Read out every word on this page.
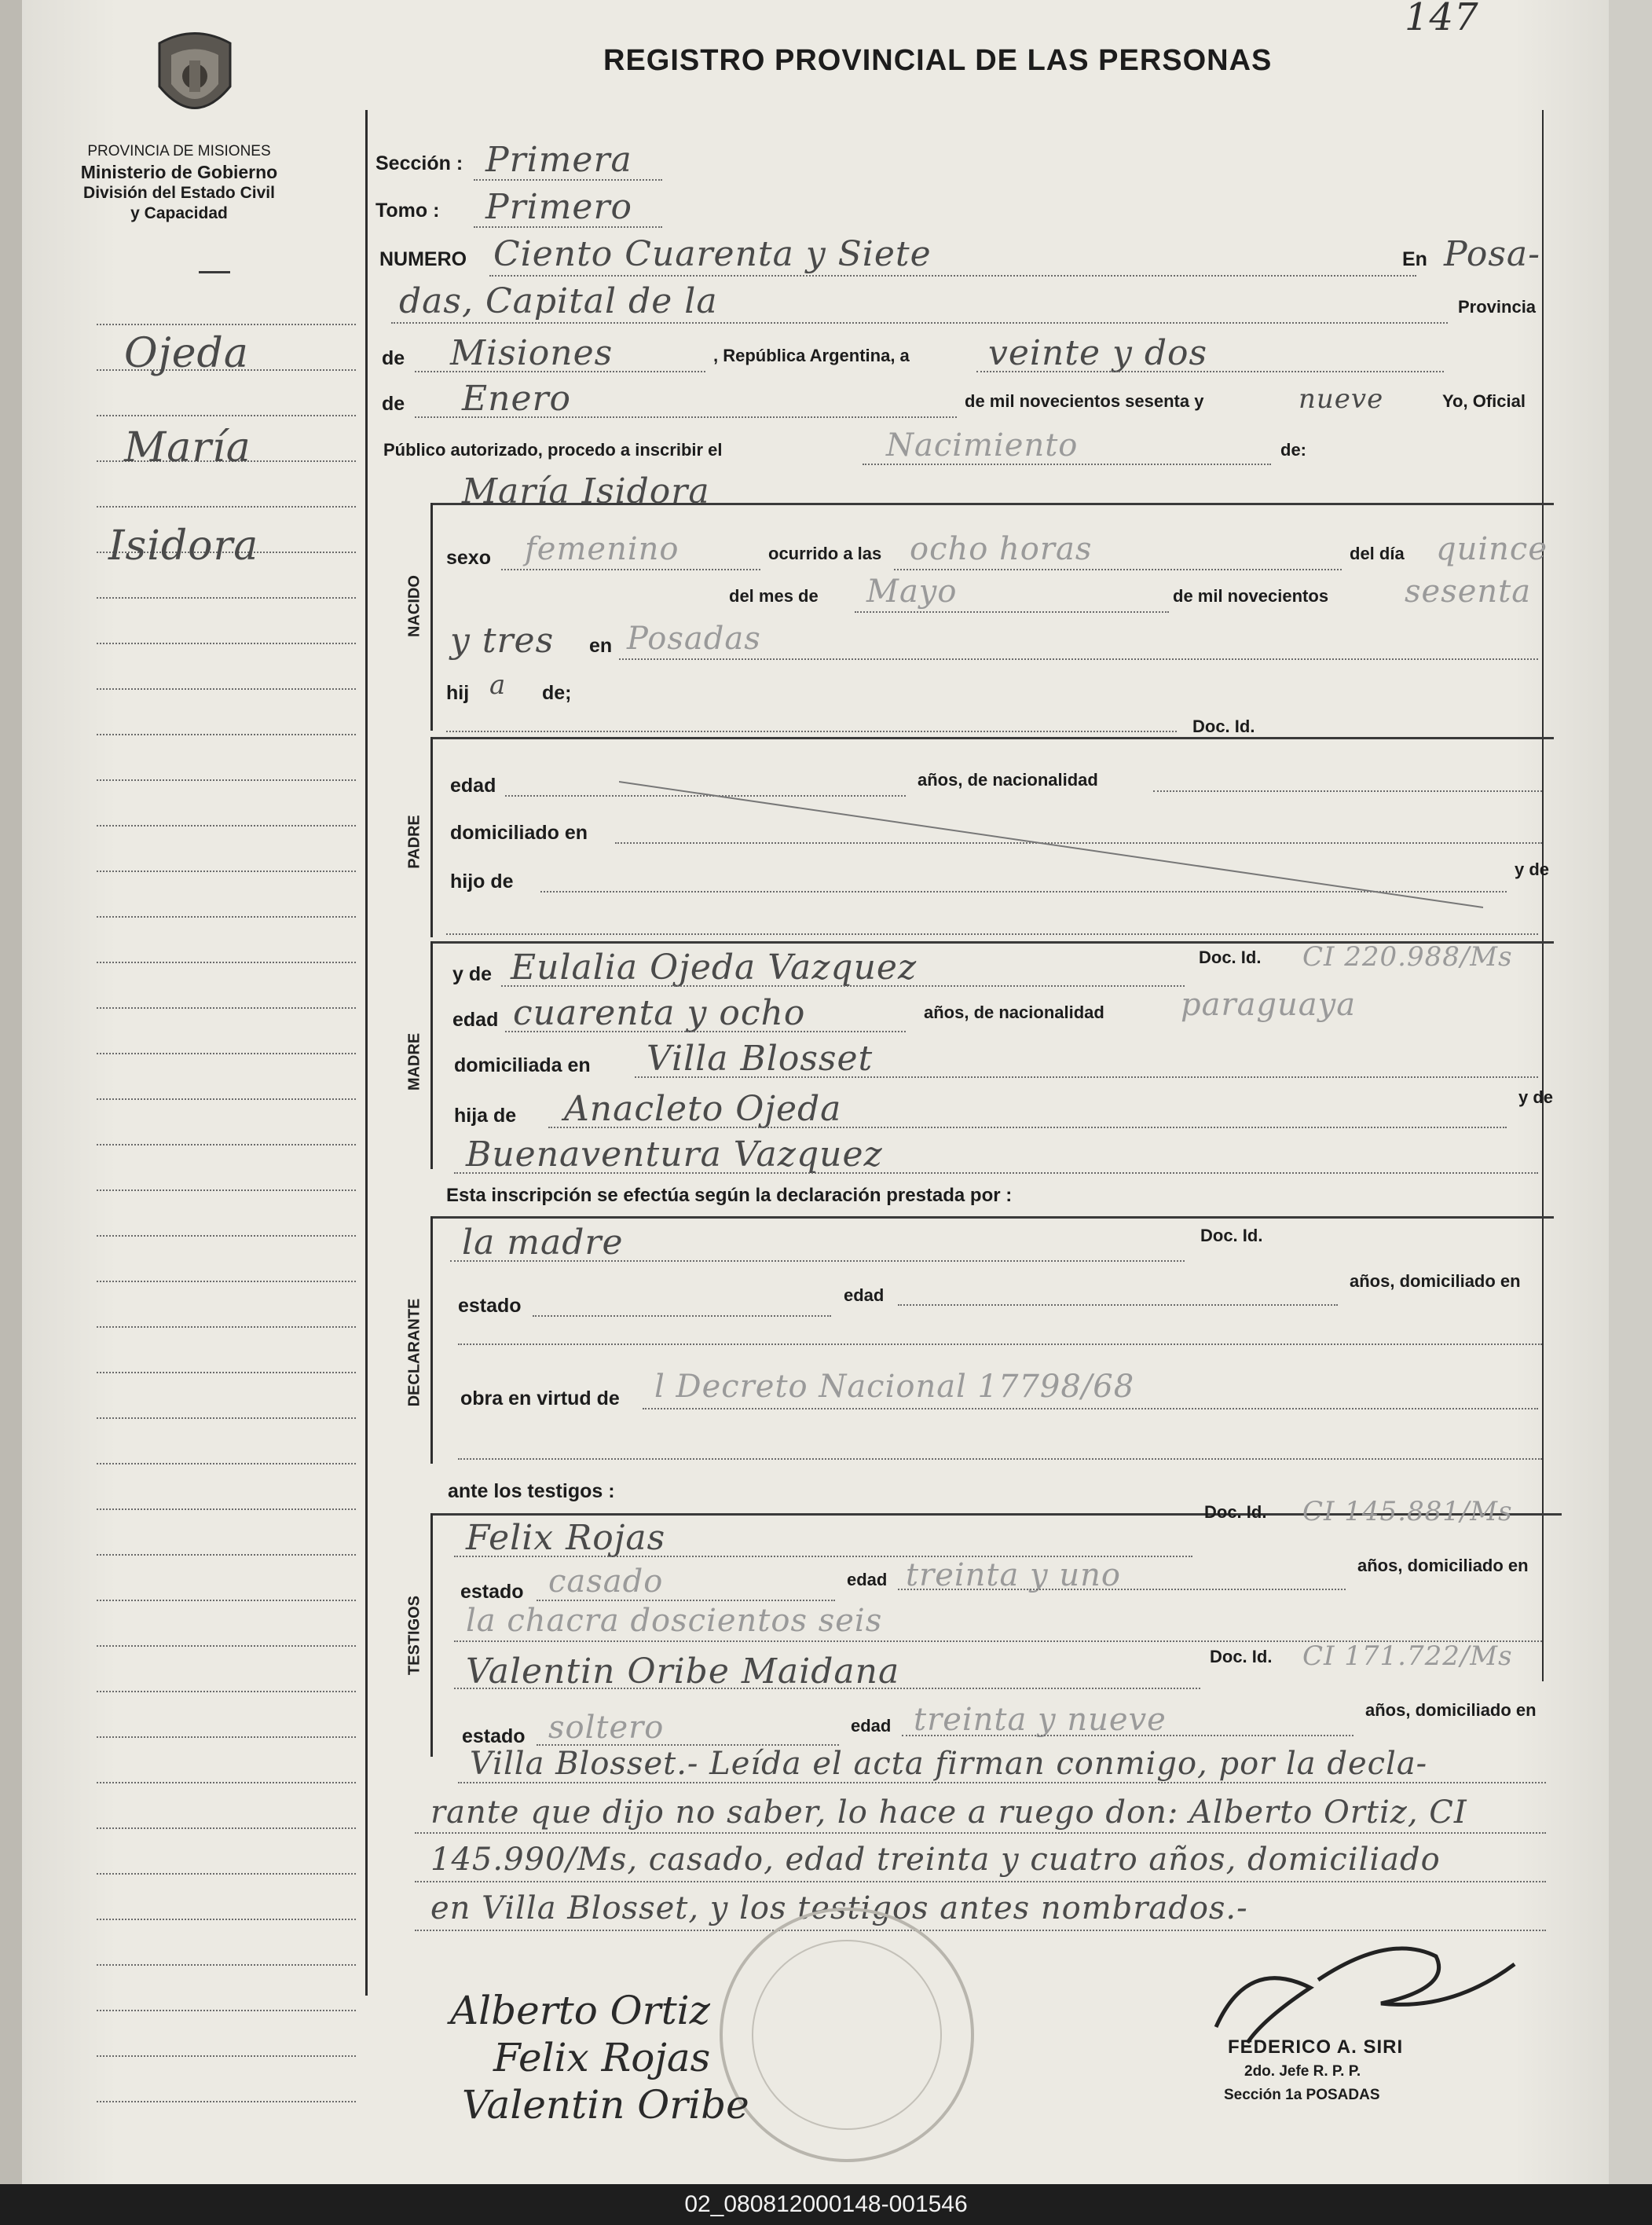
147
PROVINCIA DE MISIONES
Ministerio de Gobierno
División del Estado Civil
y Capacidad
REGISTRO PROVINCIAL DE LAS PERSONAS
Ojeda
María
Isidora
Sección : Primera
Tomo : Primero
NUMERO Ciento Cuarenta y Siete	En Posa-
das, Capital de la	Provincia
de Misiones	, República Argentina, a veinte y dos
de Enero	de mil novecientos sesenta y	nueve	Yo, Oficial
Público autorizado, procedo a inscribir el	Nacimiento	de:
NACIDO
María Isidora
sexo femenino	ocurrido a las ocho horas	del día quince
del mes de Mayo	de mil novecientos sesenta
y tres en Posadas
hij a de;
PADRE
Doc. Id.
edad	años, de nacionalidad
domiciliado en
hijo de
y de
MADRE
y de Eulalia Ojeda Vazquez	Doc. Id. CI 220.988/Ms
edad cuarenta y ocho	años, de nacionalidad paraguaya
domiciliada en Villa Blosset
hija de Anacleto Ojeda	y de
Buenaventura Vazquez
Esta inscripción se efectúa según la declaración prestada por :
DECLARANTE
la madre	Doc. Id.
estado	edad
años, domiciliado en
obra en virtud de l Decreto Nacional 17798/68
ante los testigos :
TESTIGOS
Felix Rojas
Doc. Id. CI 145.881/Ms
estado casado	edad treinta y uno	años, domiciliado en
la chacra doscientos seis
Valentin Oribe Maidana	Doc. Id. CI 171.722/Ms
estado soltero	edad treinta y nueve	años, domiciliado en
Villa Blosset.- Leída el acta firman conmigo, por la decla-
rante que dijo no saber, lo hace a ruego don: Alberto Ortiz, CI
145.990/Ms, casado, edad treinta y cuatro años, domiciliado
en Villa Blosset, y los testigos antes nombrados.-
Alberto Ortiz
Felix Rojas
Valentin Oribe
FEDERICO A. SIRI
2do. Jefe R. P. P.
Sección 1a POSADAS
02_080812000148-001546
